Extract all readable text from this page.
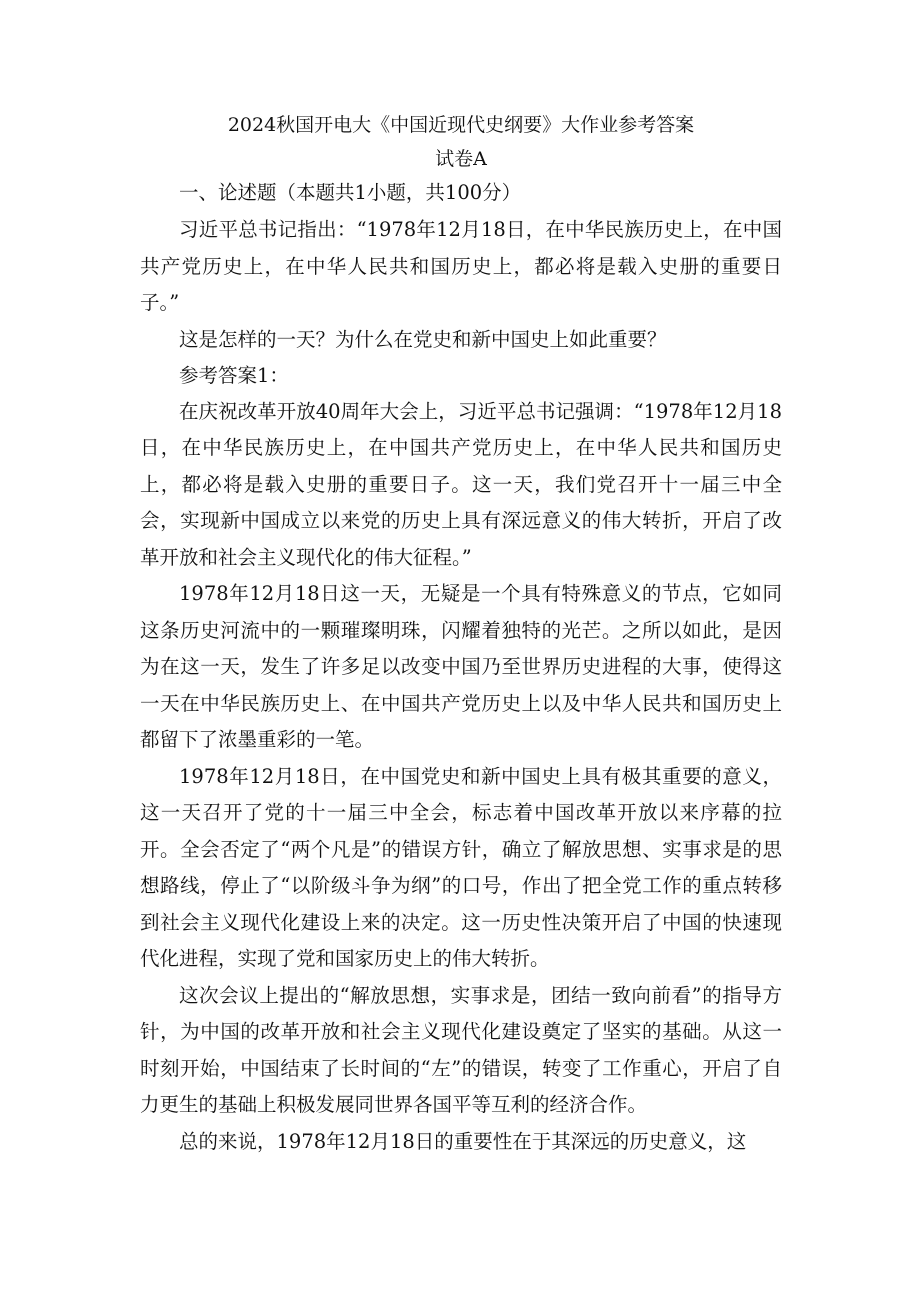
2024秋国开电大《中国近现代史纲要》大作业参考答案
试卷A

一、论述题（本题共1小题，共100分）

习近平总书记指出：“1978年12月18日，在中华民族历史上，在中国共产党历史上，在中华人民共和国历史上，都必将是载入史册的重要日子。”

这是怎样的一天？为什么在党史和新中国史上如此重要？

参考答案1：

在庆祝改革开放40周年大会上，习近平总书记强调：“1978年12月18日，在中华民族历史上，在中国共产党历史上，在中华人民共和国历史上，都必将是载入史册的重要日子。这一天，我们党召开十一届三中全会，实现新中国成立以来党的历史上具有深远意义的伟大转折，开启了改革开放和社会主义现代化的伟大征程。”

1978年12月18日这一天，无疑是一个具有特殊意义的节点，它如同这条历史河流中的一颗璀璨明珠，闪耀着独特的光芒。之所以如此，是因为在这一天，发生了许多足以改变中国乃至世界历史进程的大事，使得这一天在中华民族历史上、在中国共产党历史上以及中华人民共和国历史上都留下了浓墨重彩的一笔。

1978年12月18日，在中国党史和新中国史上具有极其重要的意义，这一天召开了党的十一届三中全会，标志着中国改革开放以来序幕的拉开。全会否定了“两个凡是”的错误方针，确立了解放思想、实事求是的思想路线，停止了“以阶级斗争为纲”的口号，作出了把全党工作的重点转移到社会主义现代化建设上来的决定。这一历史性决策开启了中国的快速现代化进程，实现了党和国家历史上的伟大转折。

这次会议上提出的“解放思想，实事求是，团结一致向前看”的指导方针，为中国的改革开放和社会主义现代化建设奠定了坚实的基础。从这一时刻开始，中国结束了长时间的“左”的错误，转变了工作重心，开启了自力更生的基础上积极发展同世界各国平等互利的经济合作。

总的来说，1978年12月18日的重要性在于其深远的历史意义，这
